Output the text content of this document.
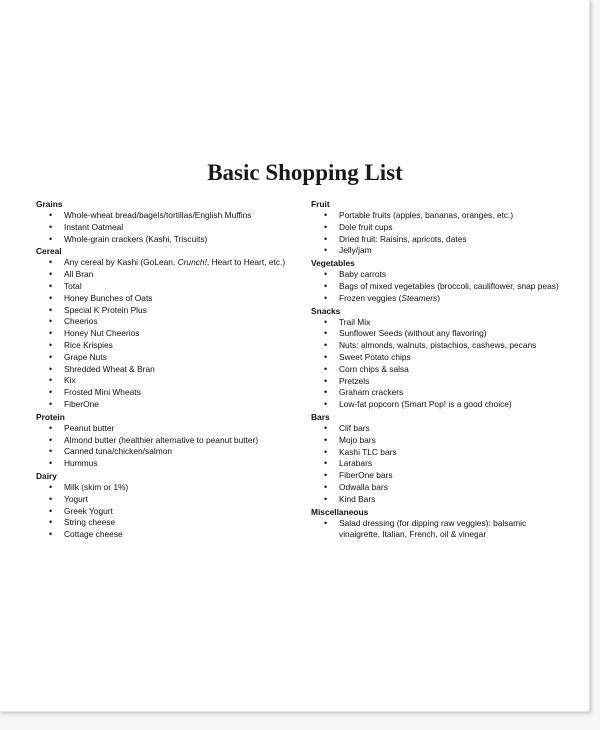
Basic Shopping List
Grains
• Whole-wheat bread/bagels/tortillas/English Muffins
• Instant Oatmeal
• Whole-grain crackers (Kashi, Triscuits)
Cereal
• Any cereal by Kashi (GoLean, Crunch!, Heart to Heart, etc.)
• All Bran
• Total
• Honey Bunches of Oats
• Special K Protein Plus
• Cheerios
• Honey Nut Cheerios
• Rice Krispies
• Grape Nuts
• Shredded Wheat & Bran
• Kix
• Frosted Mini Wheats
• FiberOne
Protein
• Peanut butter
• Almond butter (healthier alternative to peanut butter)
• Canned tuna/chicken/salmon
• Hummus
Dairy
• Milk (skim or 1%)
• Yogurt
• Greek Yogurt
• String cheese
• Cottage cheese
Fruit
• Portable fruits (apples, bananas, oranges, etc.)
• Dole fruit cups
• Dried fruit: Raisins, apricots, dates
• Jelly/jam
Vegetables
• Baby carrots
• Bags of mixed vegetables (broccoli, cauliflower, snap peas)
• Frozen veggies (Steamers)
Snacks
• Trail Mix
• Sunflower Seeds (without any flavoring)
• Nuts: almonds, walnuts, pistachios, cashews, pecans
• Sweet Potato chips
• Corn chips & salsa
• Pretzels
• Graham crackers
• Low-fat popcorn (Smart Pop! is a good choice)
Bars
• Clif bars
• Mojo bars
• Kashi TLC bars
• Larabars
• FiberOne bars
• Odwalla bars
• Kind Bars
Miscellaneous
• Salad dressing (for dipping raw veggies): balsamic vinaigrette, Italian, French, oil & vinegar
